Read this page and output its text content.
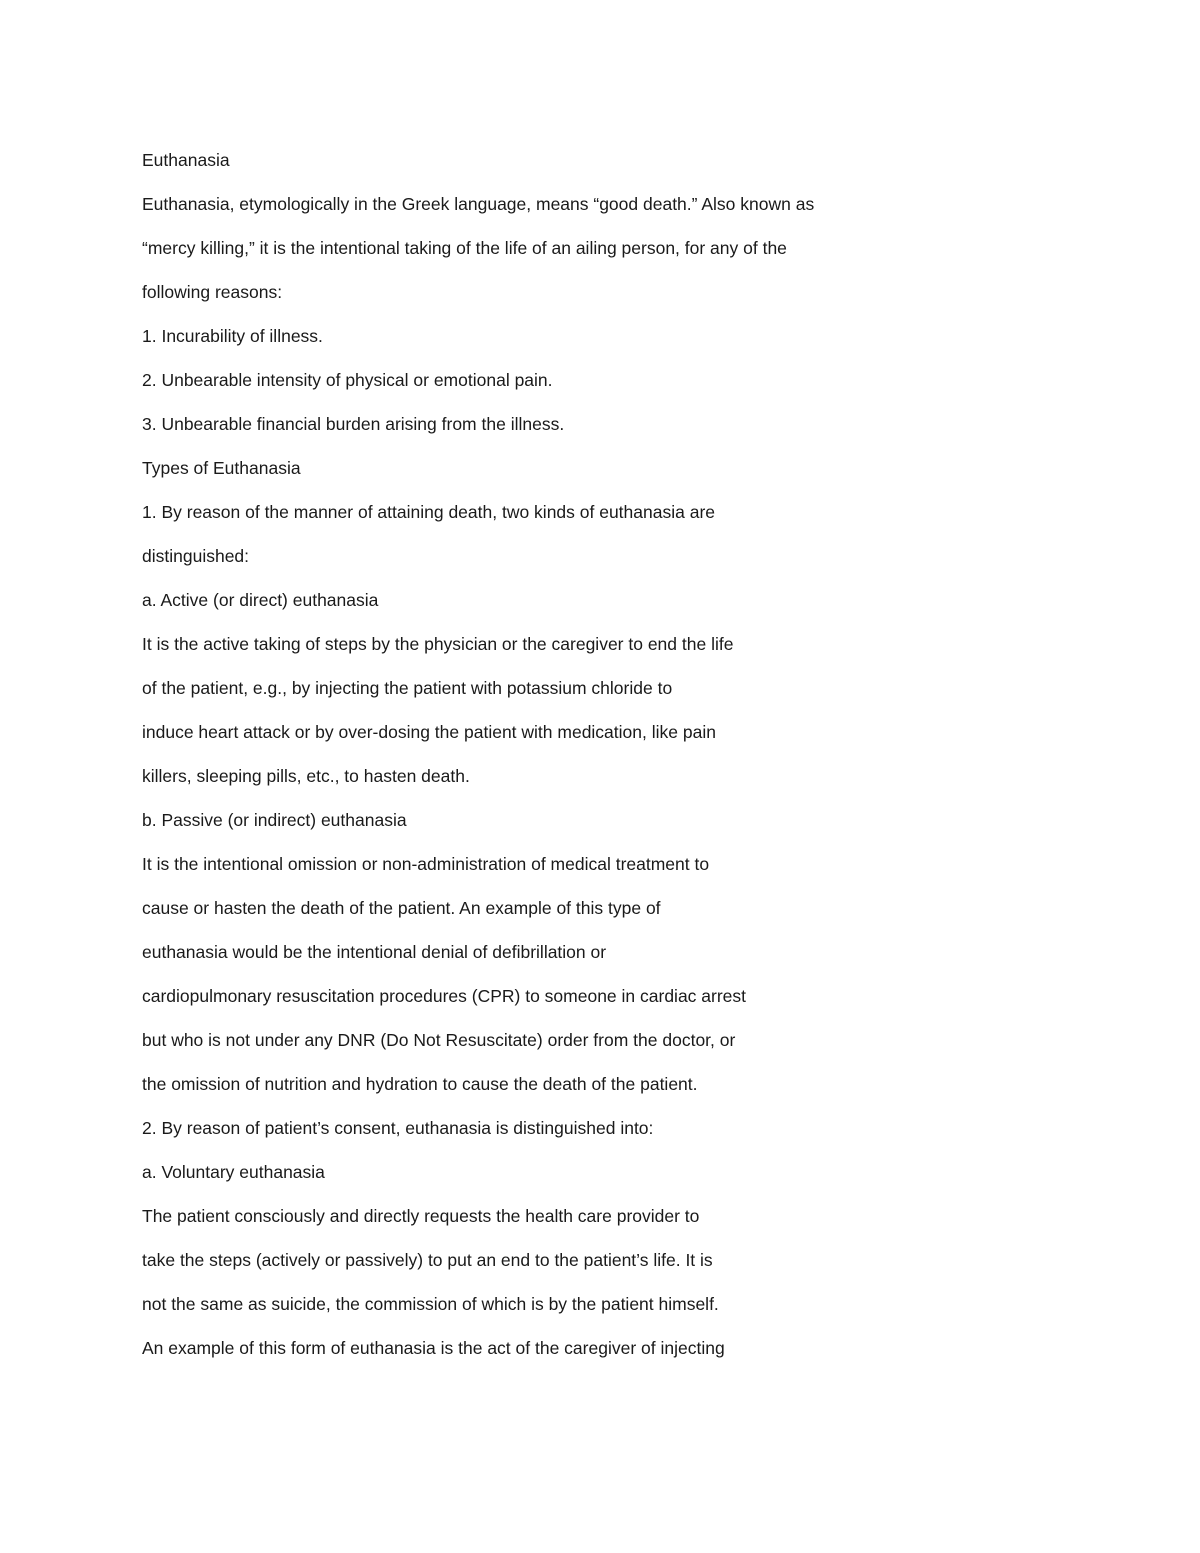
Euthanasia
Euthanasia, etymologically in the Greek language, means “good death.” Also known as
“mercy killing,” it is the intentional taking of the life of an ailing person, for any of the
following reasons:
1. Incurability of illness.
2. Unbearable intensity of physical or emotional pain.
3. Unbearable financial burden arising from the illness.
Types of Euthanasia
1. By reason of the manner of attaining death, two kinds of euthanasia are
distinguished:
a. Active (or direct) euthanasia
It is the active taking of steps by the physician or the caregiver to end the life
of the patient, e.g., by injecting the patient with potassium chloride to
induce heart attack or by over-dosing the patient with medication, like pain
killers, sleeping pills, etc., to hasten death.
b. Passive (or indirect) euthanasia
It is the intentional omission or non-administration of medical treatment to
cause or hasten the death of the patient. An example of this type of
euthanasia would be the intentional denial of defibrillation or
cardiopulmonary resuscitation procedures (CPR) to someone in cardiac arrest
but who is not under any DNR (Do Not Resuscitate) order from the doctor, or
the omission of nutrition and hydration to cause the death of the patient.
2. By reason of patient’s consent, euthanasia is distinguished into:
a. Voluntary euthanasia
The patient consciously and directly requests the health care provider to
take the steps (actively or passively) to put an end to the patient’s life. It is
not the same as suicide, the commission of which is by the patient himself.
An example of this form of euthanasia is the act of the caregiver of injecting
